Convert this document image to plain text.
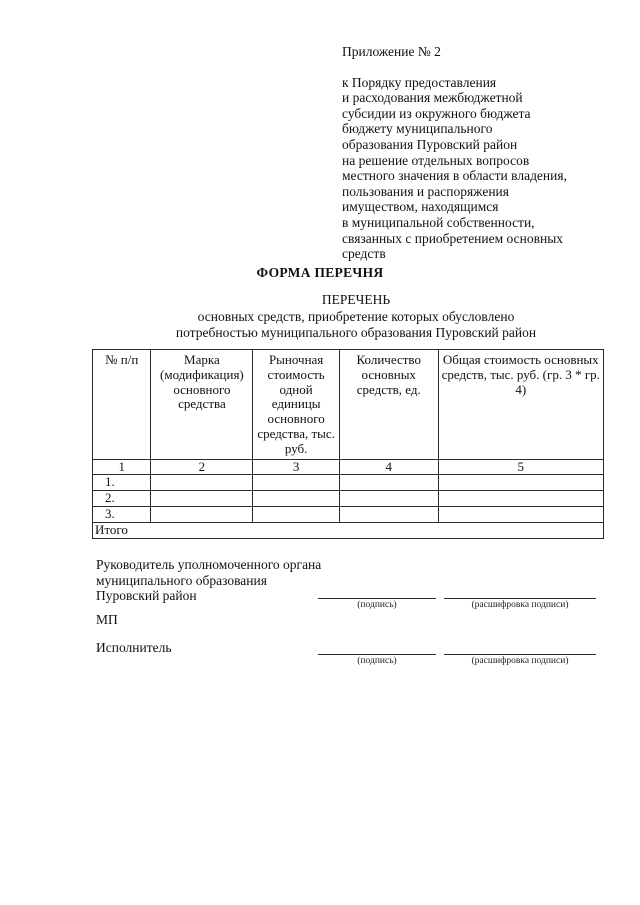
Приложение № 2
к Порядку предоставления
и расходования межбюджетной
субсидии из окружного бюджета
бюджету муниципального
образования Пуровский район
на решение отдельных вопросов
местного значения в области владения,
пользования и распоряжения
имуществом, находящимся
в муниципальной собственности,
связанных с приобретением основных
средств
ФОРМА ПЕРЕЧНЯ
ПЕРЕЧЕНЬ
основных средств, приобретение которых обусловлено
потребностью муниципального образования Пуровский район
№ п/п	Марка (модификация) основного средства	Рыночная стоимость одной единицы основного средства, тыс. руб.	Количество основных средств, ед.	Общая стоимость основных средств, тыс. руб. (гр. 3 * гр. 4)
1	2	3	4	5
1.				
2.				
3.				
Итого				
Руководитель уполномоченного органа
муниципального образования
Пуровский район
(подпись)	(расшифровка подписи)
МП
Исполнитель
(подпись)	(расшифровка подписи)
